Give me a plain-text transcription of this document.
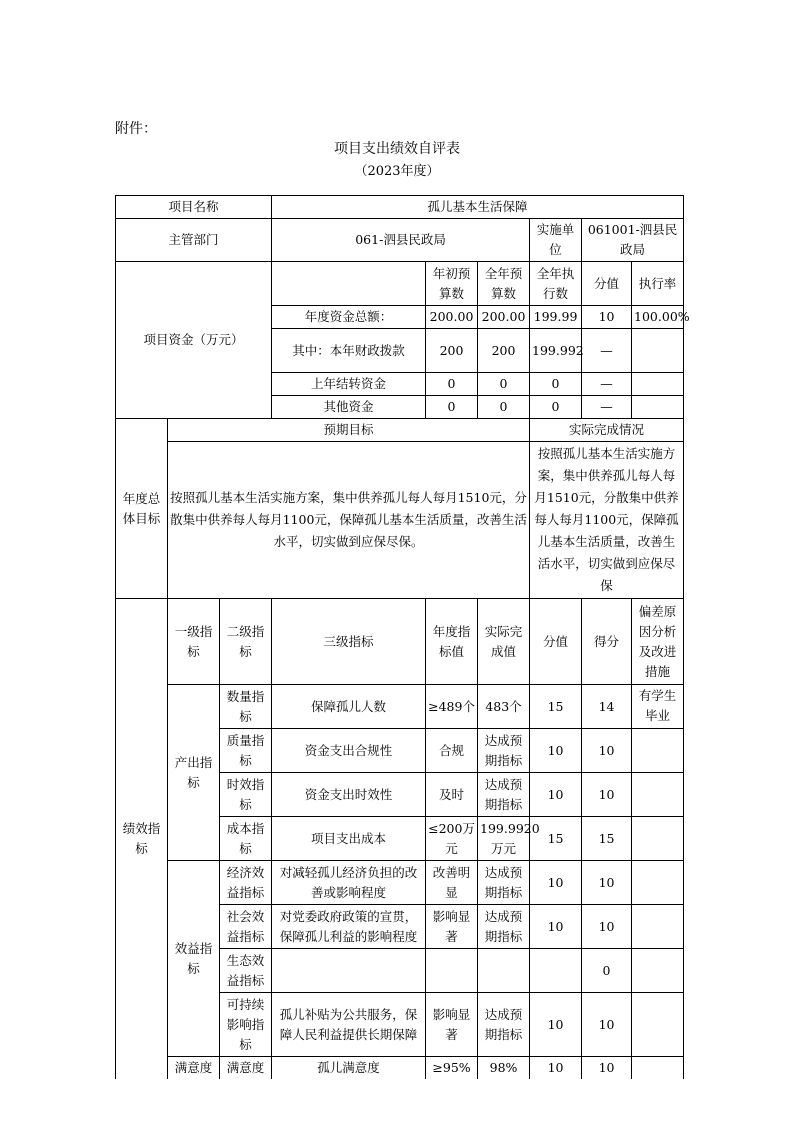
附件：
项目支出绩效自评表
（2023年度）
项目名称			孤儿基本生活保障						
主管部门			061-泗县民政局			实施单位	061001-泗县民政局		
项目资金（万元）				年初预算数	全年预算数	全年执行数	分值	执行率	
			年度资金总额：	200.00	200.00	199.99	10	100.00%	
			其中：本年财政拨款	200	200	199.992	—		
			上年结转资金	0	0	0	—		
			其他资金	0	0	0	—		
年度总体目标	预期目标					实际完成情况			
	按照孤儿基本生活实施方案，集中供养孤儿每人每月1510元，分散集中供养每人每月1100元，保障孤儿基本生活质量，改善生活水平，切实做到应保尽保。					按照孤儿基本生活实施方案，集中供养孤儿每人每月1510元，分散集中供养每人每月1100元，保障孤儿基本生活质量，改善生活水平，切实做到应保尽保			
绩效指标	一级指标	二级指标	三级指标	年度指标值	实际完成值	分值	得分	偏差原因分析及改进措施	
	产出指标	数量指标	保障孤儿人数	≥489个	483个	15	14	有学生毕业	
		质量指标	资金支出合规性	合规	达成预期指标	10	10		
		时效指标	资金支出时效性	及时	达成预期指标	10	10		
		成本指标	项目支出成本	≤200万元	199.9920万元	15	15		
	效益指标	经济效益指标	对减轻孤儿经济负担的改善或影响程度	改善明显	达成预期指标	10	10		
		社会效益指标	对党委政府政策的宣贯，保障孤儿利益的影响程度	影响显著	达成预期指标	10	10		
		生态效益指标					0		
		可持续影响指标	孤儿补贴为公共服务，保障人民利益提供长期保障	影响显著	达成预期指标	10	10		
	满意度	满意度	孤儿满意度	≥95%	98%	10	10		
